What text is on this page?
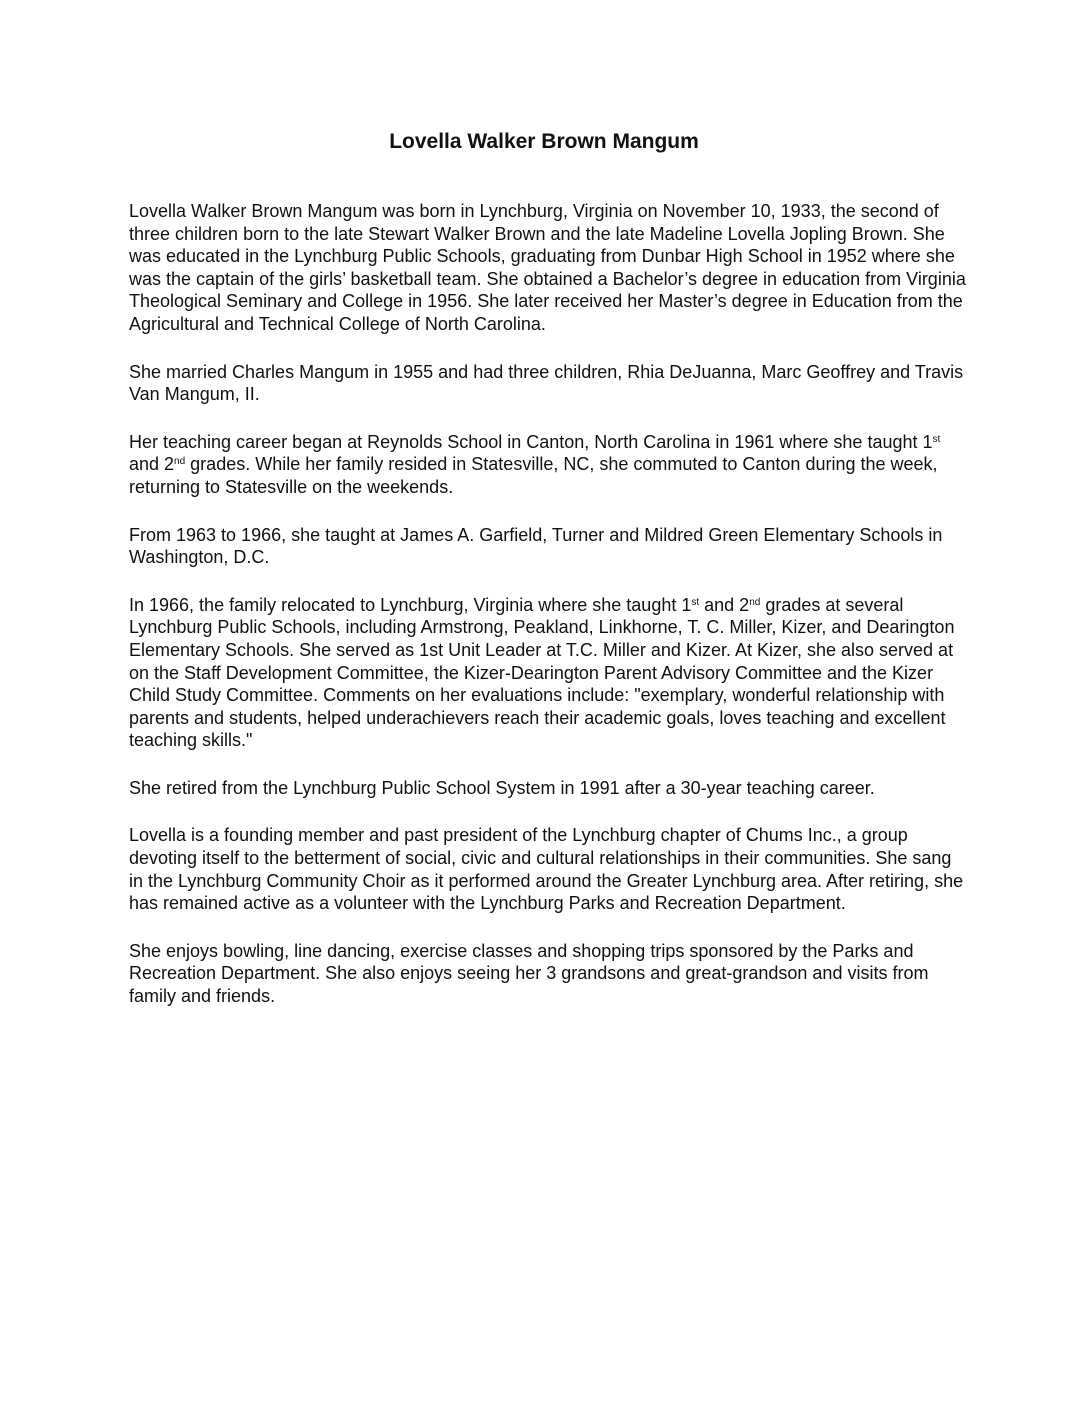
Lovella Walker Brown Mangum

Lovella Walker Brown Mangum was born in Lynchburg, Virginia on November 10, 1933, the second of three children born to the late Stewart Walker Brown and the late Madeline Lovella Jopling Brown. She was educated in the Lynchburg Public Schools, graduating from Dunbar High School in 1952 where she was the captain of the girls’ basketball team. She obtained a Bachelor’s degree in education from Virginia Theological Seminary and College in 1956. She later received her Master’s degree in Education from the Agricultural and Technical College of North Carolina.

She married Charles Mangum in 1955 and had three children, Rhia DeJuanna, Marc Geoffrey and Travis Van Mangum, II.

Her teaching career began at Reynolds School in Canton, North Carolina in 1961 where she taught 1st and 2nd grades. While her family resided in Statesville, NC, she commuted to Canton during the week, returning to Statesville on the weekends.

From 1963 to 1966, she taught at James A. Garfield, Turner and Mildred Green Elementary Schools in Washington, D.C.

In 1966, the family relocated to Lynchburg, Virginia where she taught 1st and 2nd grades at several Lynchburg Public Schools, including Armstrong, Peakland, Linkhorne, T. C. Miller, Kizer, and Dearington Elementary Schools. She served as 1st Unit Leader at T.C. Miller and Kizer. At Kizer, she also served at on the Staff Development Committee, the Kizer-Dearington Parent Advisory Committee and the Kizer Child Study Committee. Comments on her evaluations include: "exemplary, wonderful relationship with parents and students, helped underachievers reach their academic goals, loves teaching and excellent teaching skills."

She retired from the Lynchburg Public School System in 1991 after a 30-year teaching career.

Lovella is a founding member and past president of the Lynchburg chapter of Chums Inc., a group devoting itself to the betterment of social, civic and cultural relationships in their communities. She sang in the Lynchburg Community Choir as it performed around the Greater Lynchburg area. After retiring, she has remained active as a volunteer with the Lynchburg Parks and Recreation Department.

She enjoys bowling, line dancing, exercise classes and shopping trips sponsored by the Parks and Recreation Department. She also enjoys seeing her 3 grandsons and great-grandson and visits from family and friends.
